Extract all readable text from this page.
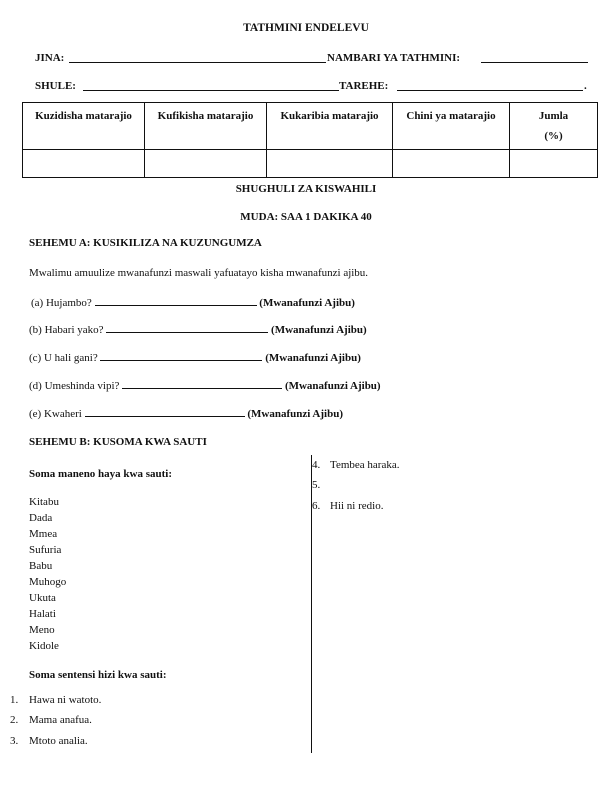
TATHMINI ENDELEVU
JINA:	NAMBARI YA TATHMINI:
SHULE:	TAREHE:	.
Kuzidisha matarajio	Kufikisha matarajio	Kukaribia matarajio	Chini ya matarajio	Jumla
(%)

SHUGHULI ZA KISWAHILI
MUDA: SAA 1 DAKIKA 40
SEHEMU A: KUSIKILIZA NA KUZUNGUMZA
Mwalimu amuulize mwanafunzi maswali yafuatayo kisha mwanafunzi ajibu.
(a) Hujambo?	(Mwanafunzi Ajibu)
(b) Habari yako?	(Mwanafunzi Ajibu)
(c) U hali gani?	(Mwanafunzi Ajibu)
(d) Umeshinda vipi?	(Mwanafunzi Ajibu)
(e) Kwaheri	(Mwanafunzi Ajibu)
SEHEMU B: KUSOMA KWA SAUTI
Soma maneno haya kwa sauti:
Kitabu
Dada
Mmea
Sufuria
Babu
Muhogo
Ukuta
Halati
Meno
Kidole
Soma sentensi hizi kwa sauti:
1. Hawa ni watoto.
2. Mama anafua.
3. Mtoto analia.
4. Tembea haraka.
5.
6. Hii ni redio.
